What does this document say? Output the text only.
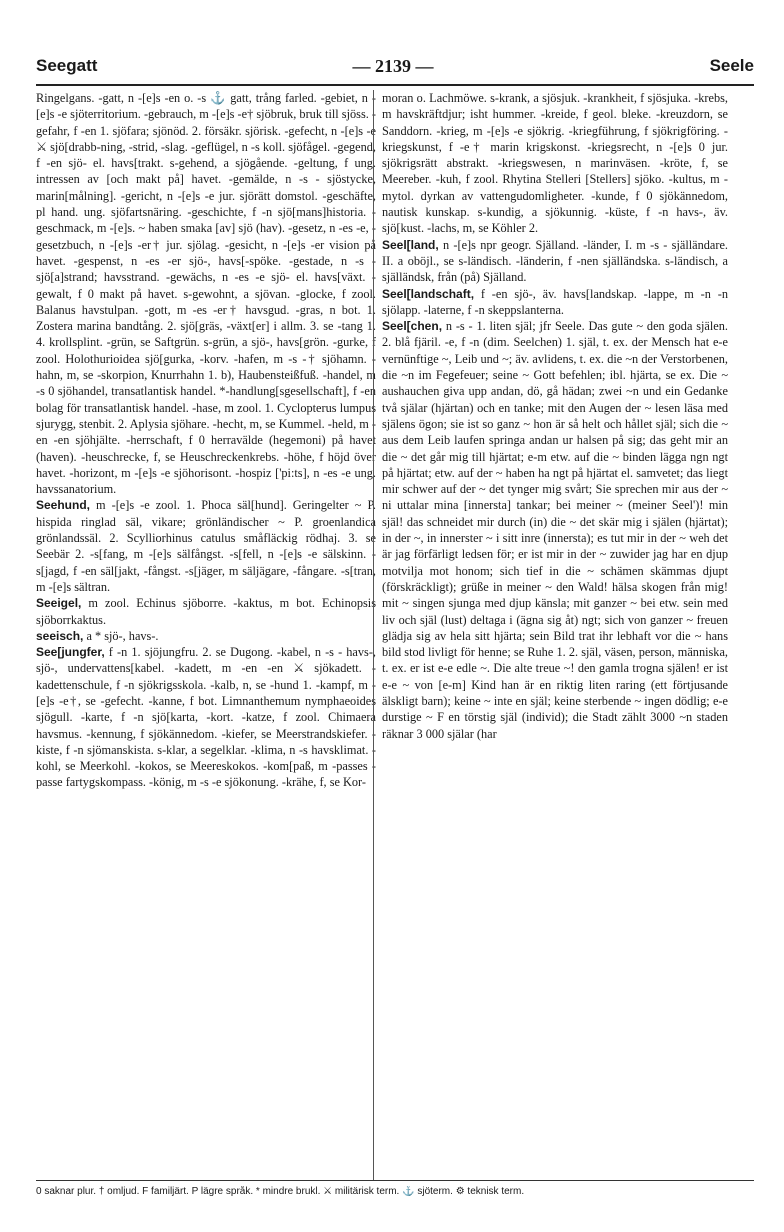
Seegatt	— 2139 —	Seele

Ringelgans. -gatt, n -[e]s -en o. -s ⚓ gatt, trång farled. -gebiet, n -[e]s -e sjöterritorium. -gebrauch, m -[e]s -e† sjöbruk, bruk till sjöss. -gefahr, f -en 1. sjöfara; sjönöd. 2. försäkr. sjörisk. -gefecht, n -[e]s -e ⚔ sjö[drabb-ning, -strid, -slag. -geflügel, n -s koll. sjöfågel. -gegend, f -en sjö- el. havs[trakt. s-gehend, a sjögående. -geltung, f ung. intressen av [och makt på] havet. -gemälde, n -s - sjöstycke, marin[målning]. -gericht, n -[e]s -e jur. sjörätt domstol. -geschäfte, pl hand. ung. sjöfartsnäring. -geschichte, f -n sjö[mans]historia. -geschmack, m -[e]s. ~ haben smaka [av] sjö (hav). -gesetz, n -es -e, -gesetzbuch, n -[e]s -er† jur. sjölag. -gesicht, n -[e]s -er vision på havet. -gespenst, n -es -er sjö-, havs[-spöke. -gestade, n -s - sjö[a]strand; havsstrand. -gewächs, n -es -e sjö- el. havs[växt. -gewalt, f 0 makt på havet. s-gewohnt, a sjövan. -glocke, f zool. Balanus havstulpan. -gott, m -es -er† havsgud. -gras, n bot. 1. Zostera marina bandtång. 2. sjö[gräs, -växt[er] i allm. 3. se -tang 1. 4. krollsplint. -grün, se Saftgrün. s-grün, a sjö-, havs[grön. -gurke, f zool. Holothurioidea sjö[gurka, -korv. -hafen, m -s -† sjöhamn. -hahn, m, se -skorpion, Knurrhahn 1. b), Haubensteißfuß. -handel, m -s 0 sjöhandel, transatlantisk handel. *-handlung[sgesellschaft], f -en bolag för transatlantisk handel. -hase, m zool. 1. Cyclopterus lumpus sjurygg, stenbit. 2. Aplysia sjöhare. -hecht, m, se Kummel. -held, m -en -en sjöhjälte. -herrschaft, f 0 herravälde (hegemoni) på havet (haven). -heuschrecke, f, se Heuschreckenkrebs. -höhe, f höjd över havet. -horizont, m -[e]s -e sjöhorisont. -hospiz ['pi:ts], n -es -e ung. havssanatorium.

Seehund, m -[e]s -e zool. 1. Phoca säl[hund]. Geringelter ~ P. hispida ringlad säl, vikare; grönländischer ~ P. groenlandica grönlandssäl. 2. Scylliorhinus catulus småfläckig rödhaj. 3. se Seebär 2. -s[fang, m -[e]s sälfångst. -s[fell, n -[e]s -e sälskinn. -s[jagd, f -en säl[jakt, -fångst. -s[jäger, m säljägare, -fångare. -s[tran, m -[e]s sältran.

Seeigel, m zool. Echinus sjöborre. -kaktus, m bot. Echinopsis sjöborrkaktus.

seeisch, a * sjö-, havs-.

See[jungfer, f -n 1. sjöjungfru. 2. se Dugong. -kabel, n -s - havs-, sjö-, undervattens[kabel. -kadett, m -en -en ⚔ sjökadett. -kadettenschule, f -n sjökrigsskola. -kalb, n, se -hund 1. -kampf, m -[e]s -e†, se -gefecht. -kanne, f bot. Limnanthemum nymphaeoides sjögull. -karte, f -n sjö[karta, -kort. -katze, f zool. Chimaera havsmus. -kennung, f sjökännedom. -kiefer, se Meerstrandskiefer. -kiste, f -n sjömanskista. s-klar, a segelklar. -klima, n -s havsklimat. -kohl, se Meerkohl. -kokos, se Meereskokos. -kom[paß, m -passes -passe fartygskompass. -könig, m -s -e sjökonung. -krähe, f, se Kor-

moran o. Lachmöwe. s-krank, a sjösjuk. -krankheit, f sjösjuka. -krebs, m havskräftdjur; isht hummer. -kreide, f geol. bleke. -kreuzdorn, se Sanddorn. -krieg, m -[e]s -e sjökrig. -kriegführung, f sjökrigföring. -kriegskunst, f -e† marin krigskonst. -kriegsrecht, n -[e]s 0 jur. sjökrigsrätt abstrakt. -kriegswesen, n marinväsen. -kröte, f, se Meereber. -kuh, f zool. Rhytina Stelleri [Stellers] sjöko. -kultus, m - mytol. dyrkan av vattengudomligheter. -kunde, f 0 sjökännedom, nautisk kunskap. s-kundig, a sjökunnig. -küste, f -n havs-, äv. sjö[kust. -lachs, m, se Köhler 2.

Seel[land, n -[e]s npr geogr. Själland. -länder, I. m -s - själländare. II. a oböjl., se s-ländisch. -länderin, f -nen själländska. s-ländisch, a själländsk, från (på) Själland.

Seel[landschaft, f -en sjö-, äv. havs[landskap. -lappe, m -n -n sjölapp. -laterne, f -n skeppslanterna.

Seel[chen, n -s - 1. liten själ; jfr Seele. Das gute ~ den goda själen. 2. blå fjäril. -e, f -n (dim. Seelchen) 1. själ, t. ex. der Mensch hat e-e vernünftige ~, Leib und ~; äv. avlidens, t. ex. die ~n der Verstorbenen, die ~n im Fegefeuer; seine ~ Gott befehlen; ibl. hjärta, se ex. Die ~ aushauchen giva upp andan, dö, gå hädan; zwei ~n und ein Gedanke två själar (hjärtan) och en tanke; mit den Augen der ~ lesen läsa med själens ögon; sie ist so ganz ~ hon är så helt och hållet själ; sich die ~ aus dem Leib laufen springa andan ur halsen på sig; das geht mir an die ~ det går mig till hjärtat; e-m etw. auf die ~ binden lägga ngn ngt på hjärtat; etw. auf der ~ haben ha ngt på hjärtat el. samvetet; das liegt mir schwer auf der ~ det tynger mig svårt; Sie sprechen mir aus der ~ ni uttalar mina [innersta] tankar; bei meiner ~ (meiner Seel')! min själ! das schneidet mir durch (in) die ~ det skär mig i själen (hjärtat); in der ~, in innerster ~ i sitt inre (innersta); es tut mir in der ~ weh det är jag förfärligt ledsen för; er ist mir in der ~ zuwider jag har en djup motvilja mot honom; sich tief in die ~ schämen skämmas djupt (förskräckligt); grüße in meiner ~ den Wald! hälsa skogen från mig! mit ~ singen sjunga med djup känsla; mit ganzer ~ bei etw. sein med liv och själ (lust) deltaga i (ägna sig åt) ngt; sich von ganzer ~ freuen glädja sig av hela sitt hjärta; sein Bild trat ihr lebhaft vor die ~ hans bild stod livligt för henne; se Ruhe 1. 2. själ, väsen, person, människa, t. ex. er ist e-e edle ~. Die alte treue ~! den gamla trogna själen! er ist e-e ~ von [e-m] Kind han är en riktig liten raring (ett förtjusande älskligt barn); keine ~ inte en själ; keine sterbende ~ ingen dödlig; e-e durstige ~ F en törstig själ (individ); die Stadt zählt 3000 ~n staden räknar 3 000 själar (har

0 saknar plur. † omljud. F familjärt. P lägre språk. * mindre brukl. ⚔ militärisk term. ⚓ sjöterm. ⚙ teknisk term.
